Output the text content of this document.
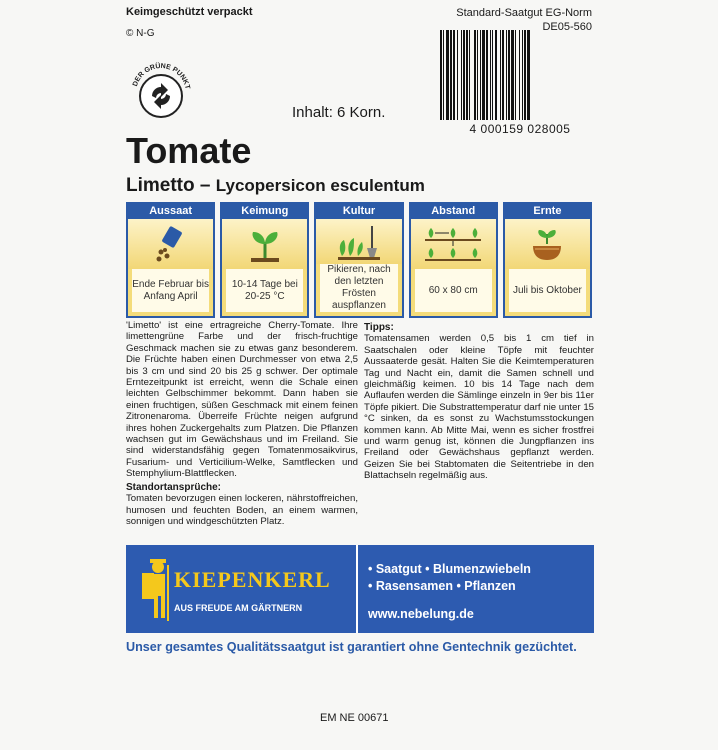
Keimgeschützt verpackt
© N-G
Standard-Saatgut EG-Norm
DE05-560
DER GRÜNE PUNKT
Inhalt: 6 Korn.
4 000159 028005
Tomate
Limetto – Lycopersicon esculentum
Aussaat
Ende Februar bis Anfang April
Keimung
10-14 Tage bei 20-25 °C
Kultur
Pikieren, nach den letzten Frösten auspflanzen
Abstand
60 x 80 cm
Ernte
Juli bis Oktober

'Limetto' ist eine ertragreiche Cherry-Tomate. Ihre limettengrüne Farbe und der frisch-fruchtige Geschmack machen sie zu etwas ganz besonderem. Die Früchte haben einen Durchmesser von etwa 2,5 bis 3 cm und sind 20 bis 25 g schwer. Der optimale Erntezeitpunkt ist erreicht, wenn die Schale einen leichten Gelbschimmer bekommt. Dann haben sie einen fruchtigen, süßen Geschmack mit einem feinen Zitronenaroma. Überreife Früchte neigen aufgrund ihres hohen Zuckergehalts zum Platzen. Die Pflanzen wachsen gut im Gewächshaus und im Freiland. Sie sind widerstandsfähig gegen Tomatenmosaikvirus, Fusarium- und Verticilium-Welke, Samtflecken und Stemphylium-Blattflecken.

Standortansprüche:

Tomaten bevorzugen einen lockeren, nährstoffreichen, humosen und feuchten Boden, an einem warmen, sonnigen und windgeschützten Platz.

Tipps:

Tomatensamen werden 0,5 bis 1 cm tief in Saatschalen oder kleine Töpfe mit feuchter Aussaaterde gesät. Halten Sie die Keimtemperaturen Tag und Nacht ein, damit die Samen schnell und gleichmäßig keimen. 10 bis 14 Tage nach dem Auflaufen werden die Sämlinge einzeln in 9er bis 11er Töpfe pikiert. Die Substrattemperatur darf nie unter 15 °C sinken, da es sonst zu Wachstumsstockungen kommen kann. Ab Mitte Mai, wenn es sicher frostfrei und warm genug ist, können die Jungpflanzen ins Freiland oder Gewächshaus gepflanzt werden. Geizen Sie bei Stabtomaten die Seitentriebe in den Blattachseln regelmäßig aus.

KIEPENKERL
AUS FREUDE AM GÄRTNERN
• Saatgut • Blumenzwiebeln
• Rasensamen • Pflanzen
www.nebelung.de
Unser gesamtes Qualitätssaatgut ist garantiert ohne Gentechnik gezüchtet.
EM NE 00671
